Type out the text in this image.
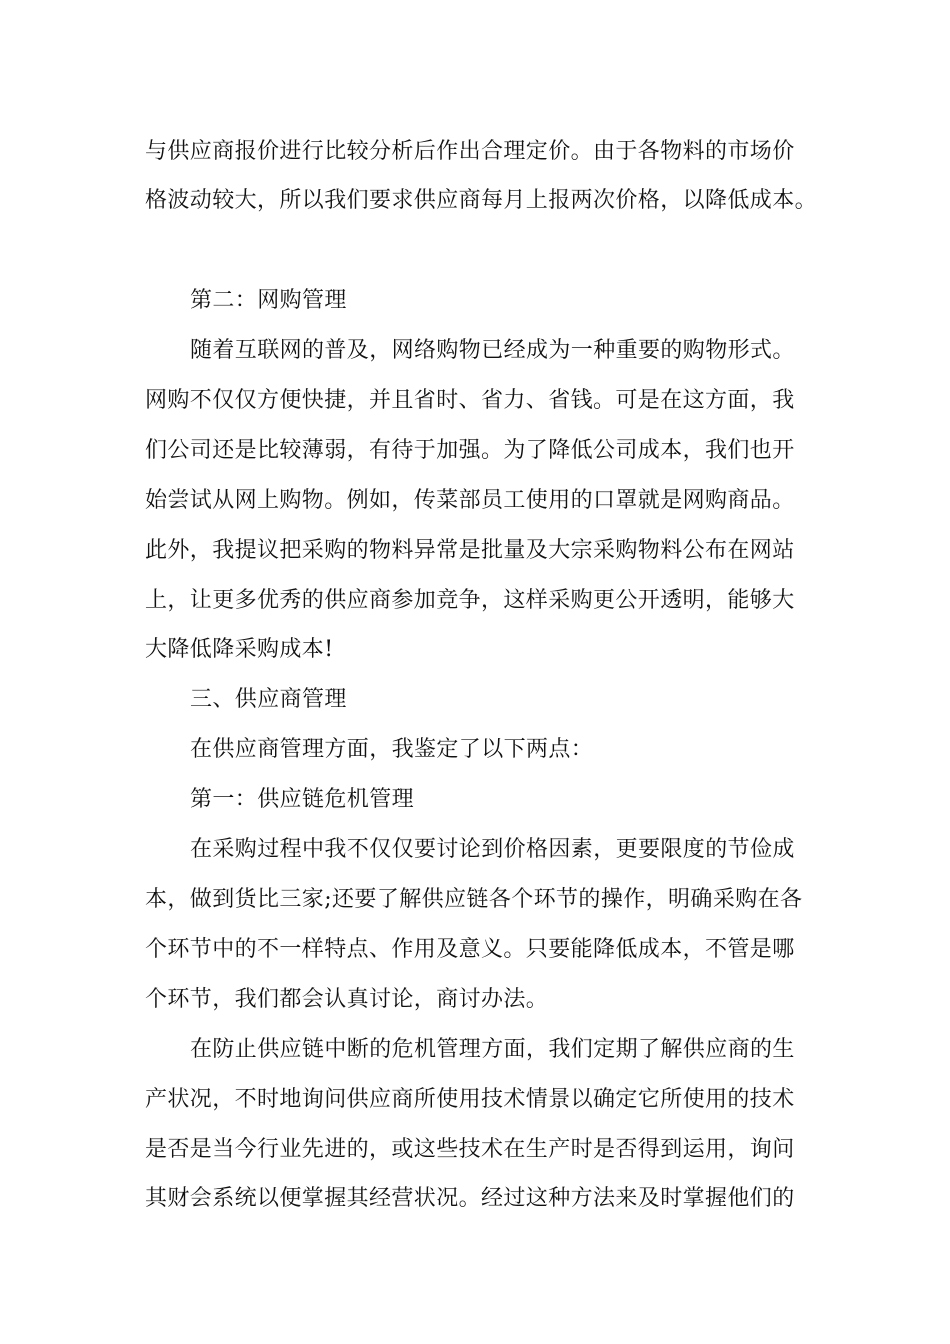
与供应商报价进行比较分析后作出合理定价。由于各物料的市场价
格波动较大，所以我们要求供应商每月上报两次价格，以降低成本。
第二：网购管理
随着互联网的普及，网络购物已经成为一种重要的购物形式。
网购不仅仅方便快捷，并且省时、省力、省钱。可是在这方面，我
们公司还是比较薄弱，有待于加强。为了降低公司成本，我们也开
始尝试从网上购物。例如，传菜部员工使用的口罩就是网购商品。
此外，我提议把采购的物料异常是批量及大宗采购物料公布在网站
上，让更多优秀的供应商参加竞争，这样采购更公开透明，能够大
大降低降采购成本!
三、供应商管理
在供应商管理方面，我鉴定了以下两点：
第一：供应链危机管理
在采购过程中我不仅仅要讨论到价格因素，更要限度的节俭成
本，做到货比三家;还要了解供应链各个环节的操作，明确采购在各
个环节中的不一样特点、作用及意义。只要能降低成本，不管是哪
个环节，我们都会认真讨论，商讨办法。
在防止供应链中断的危机管理方面，我们定期了解供应商的生
产状况，不时地询问供应商所使用技术情景以确定它所使用的技术
是否是当今行业先进的，或这些技术在生产时是否得到运用，询问
其财会系统以便掌握其经营状况。经过这种方法来及时掌握他们的
